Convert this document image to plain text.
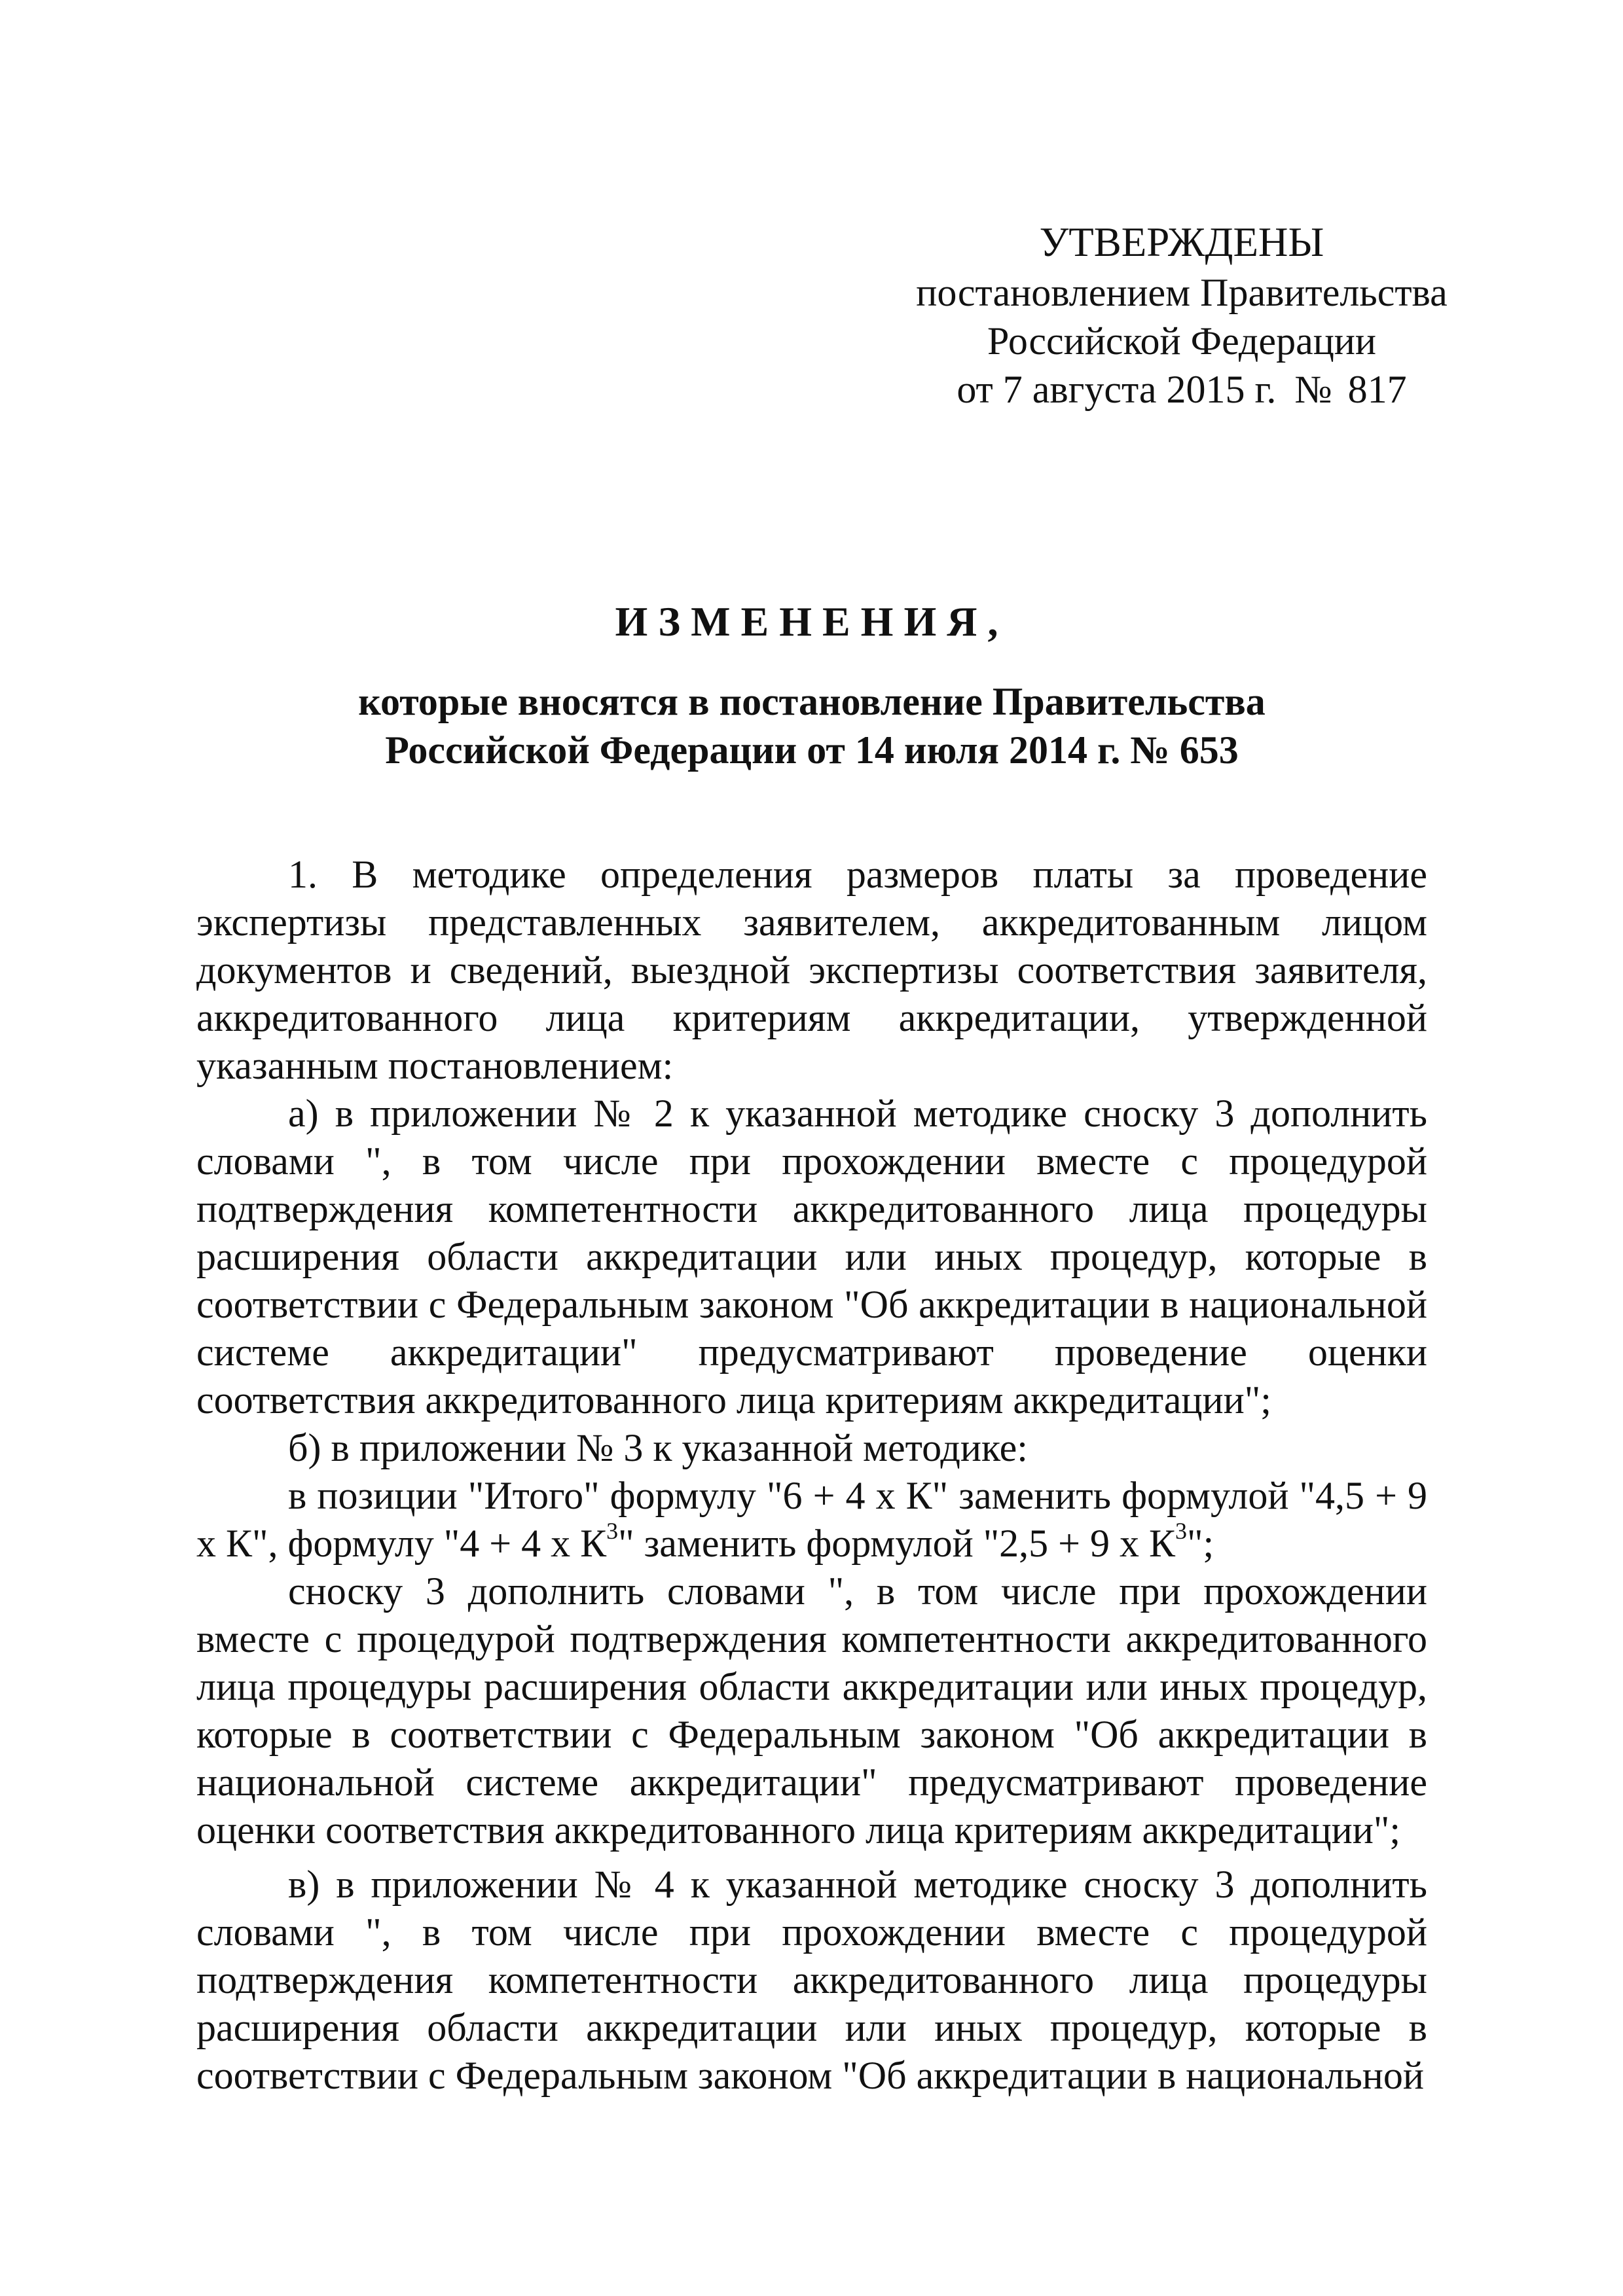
УТВЕРЖДЕНЫ
постановлением Правительства
Российской Федерации
от 7 августа 2015 г. № 817
ИЗМЕНЕНИЯ,
которые вносятся в постановление Правительства
Российской Федерации от 14 июля 2014 г. № 653

1. В методике определения размеров платы за проведение экспертизы представленных заявителем, аккредитованным лицом документов и сведений, выездной экспертизы соответствия заявителя, аккредитованного лица критериям аккредитации, утвержденной указанным постановлением:

а) в приложении № 2 к указанной методике сноску 3 дополнить словами ", в том числе при прохождении вместе с процедурой подтверждения компетентности аккредитованного лица процедуры расширения области аккредитации или иных процедур, которые в соответствии с Федеральным законом "Об аккредитации в национальной системе аккредитации" предусматривают проведение оценки соответствия аккредитованного лица критериям аккредитации";

б) в приложении № 3 к указанной методике:

в позиции "Итого" формулу "6 + 4 х К" заменить формулой "4,5 + 9 х К", формулу "4 + 4 х $К^3$" заменить формулой "2,5 + 9 х $К^3$";

сноску 3 дополнить словами ", в том числе при прохождении вместе с процедурой подтверждения компетентности аккредитованного лица процедуры расширения области аккредитации или иных процедур, которые в соответствии с Федеральным законом "Об аккредитации в национальной системе аккредитации" предусматривают проведение оценки соответствия аккредитованного лица критериям аккредитации";

в) в приложении № 4 к указанной методике сноску 3 дополнить словами ", в том числе при прохождении вместе с процедурой подтверждения компетентности аккредитованного лица процедуры расширения области аккредитации или иных процедур, которые в соответствии с Федеральным законом "Об аккредитации в национальной
